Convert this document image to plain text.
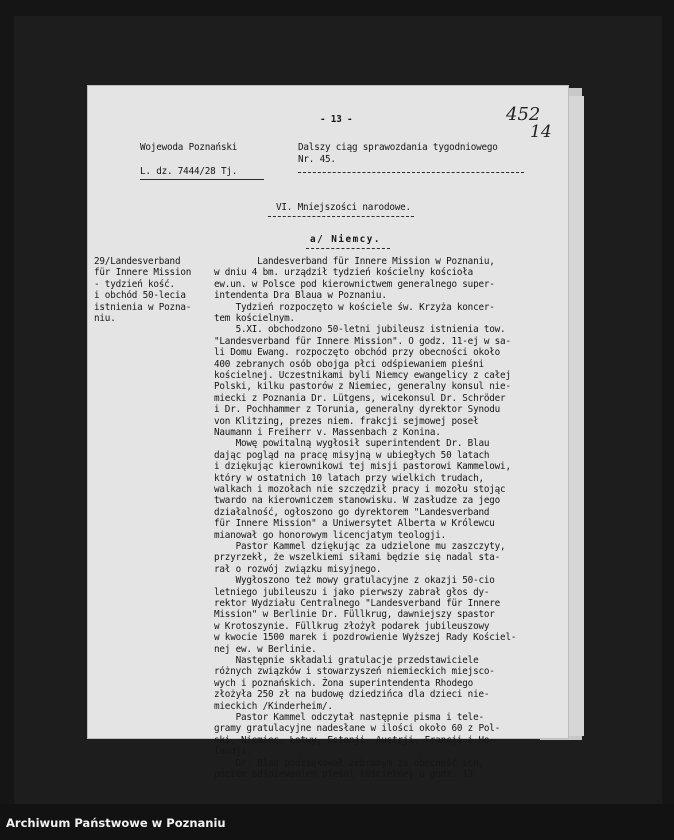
- 13 -	452
14
Wojewoda Poznański
L. dz. 7444/28 Tj.
Dalszy ciąg sprawozdania tygodniowego
Nr. 45.
VI. Mniejszości narodowe.
a/ Niemcy.
29/Landesverband
für Innere Mission
- tydzień kość.
i obchód 50-lecia
istnienia w Pozna-
niu.
Landesverband für Innere Mission w Poznaniu,
w dniu 4 bm. urządził tydzień kościelny kościoła
ew.un. w Polsce pod kierownictwem generalnego super-
intendenta Dra Blaua w Poznaniu.
Tydzień rozpoczęto w kościele św. Krzyża koncer-
tem kościelnym.
5.XI. obchodzono 50-letni jubileusz istnienia tow.
"Landesverband für Innere Mission". O godz. 11-ej w sa-
li Domu Ewang. rozpoczęto obchód przy obecności około
400 zebranych osób obojga płci odśpiewaniem pieśni
kościelnej. Uczestnikami byli Niemcy ewangelicy z całej
Polski, kilku pastorów z Niemiec, generalny konsul nie-
miecki z Poznania Dr. Lütgens, wicekonsul Dr. Schröder
i Dr. Pochhammer z Torunia, generalny dyrektor Synodu
von Klitzing, prezes niem. frakcji sejmowej poseł
Naumann i Freiherr v. Massenbach z Konina.
Mowę powitalną wygłosił superintendent Dr. Blau
dając pogląd na pracę misyjną w ubiegłych 50 latach
i dziękując kierownikowi tej misji pastorowi Kammelowi,
który w ostatnich 10 latach przy wielkich trudach,
walkach i mozołach nie szczędził pracy i mozołu stojąc
twardo na kierowniczem stanowisku. W zasłudze za jego
działalność, ogłoszono go dyrektorem "Landesverband
für Innere Mission" a Uniwersytet Alberta w Królewcu
mianował go honorowym licencjatym teologji.
Pastor Kammel dziękując za udzielone mu zaszczyty,
przyrzekł, że wszelkiemi siłami będzie się nadal sta-
rał o rozwój związku misyjnego.
Wygłoszono też mowy gratulacyjne z okazji 50-cio
letniego jubileuszu i jako pierwszy zabrał głos dy-
rektor Wydziału Centralnego "Landesverband für Innere
Mission" w Berlinie Dr. Füllkrug, dawniejszy spastor
w Krotoszynie. Füllkrug złożył podarek jubileuszowy
w kwocie 1500 marek i pozdrowienie Wyższej Rady Kościel-
nej ew. w Berlinie.
Następnie składali gratulacje przedstawiciele
różnych związków i stowarzyszeń niemieckich miejsco-
wych i poznańskich. Żona superintendenta Rhodego
złożyła 250 zł na budowę dziedzińca dla dzieci nie-
mieckich /Kinderheim/.
Pastor Kammel odczytał następnie pisma i tele-
gramy gratulacyjne nadesłane w ilości około 60 z Pol-
ski, Niemiec, Łotwy, Estonji, Austrji, Francji i Ho-
landji.
Dr. Blau podziękował zebranym za obecność ich,
poczem odśpiewaniem pieśni kościelnej o godz. 13.
Archiwum Państwowe w Poznaniu
